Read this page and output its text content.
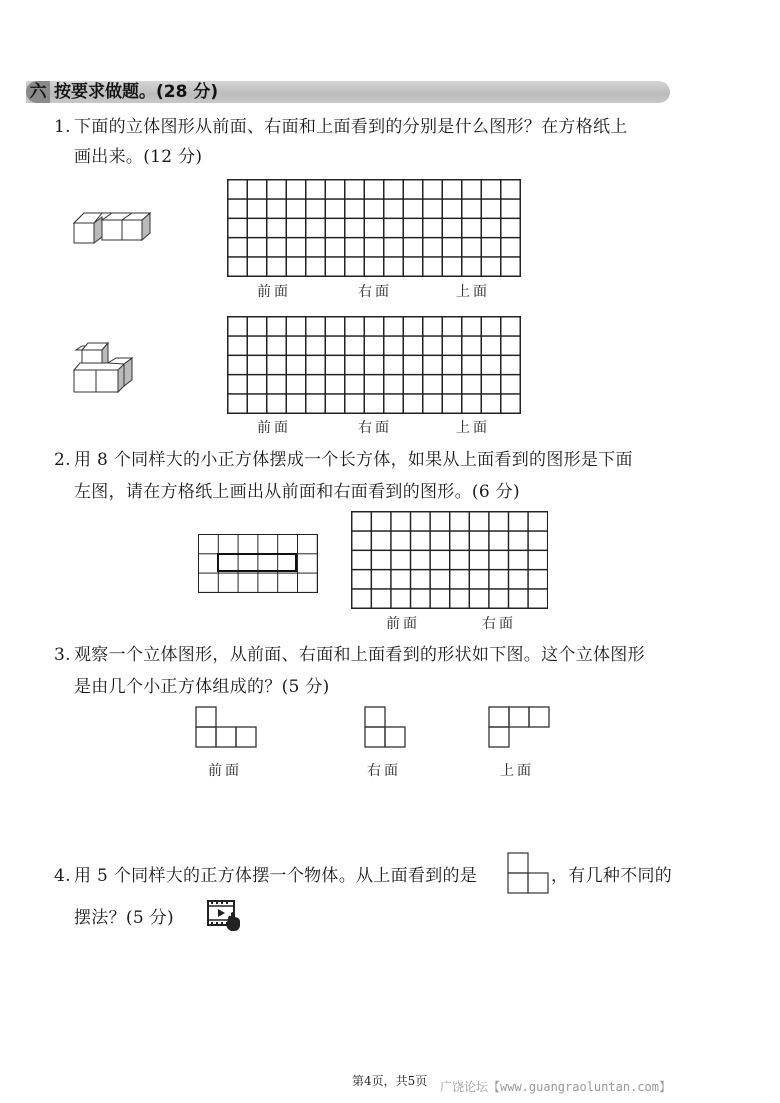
六 按要求做题。(28 分)
1. 下面的立体图形从前面、右面和上面看到的分别是什么图形？在方格纸上
画出来。(12 分)
前面	右面	上面
前面	右面	上面
2. 用 8 个同样大的小正方体摆成一个长方体，如果从上面看到的图形是下面
左图，请在方格纸上画出从前面和右面看到的图形。(6 分)
前面	右面
3. 观察一个立体图形，从前面、右面和上面看到的形状如下图。这个立体图形
是由几个小正方体组成的？(5 分)
前面	右面	上面
4. 用 5 个同样大的正方体摆一个物体。从上面看到的是	，有几种不同的
摆法？(5 分)
第4页，共5页 广饶论坛【www.guangraoluntan.com】
